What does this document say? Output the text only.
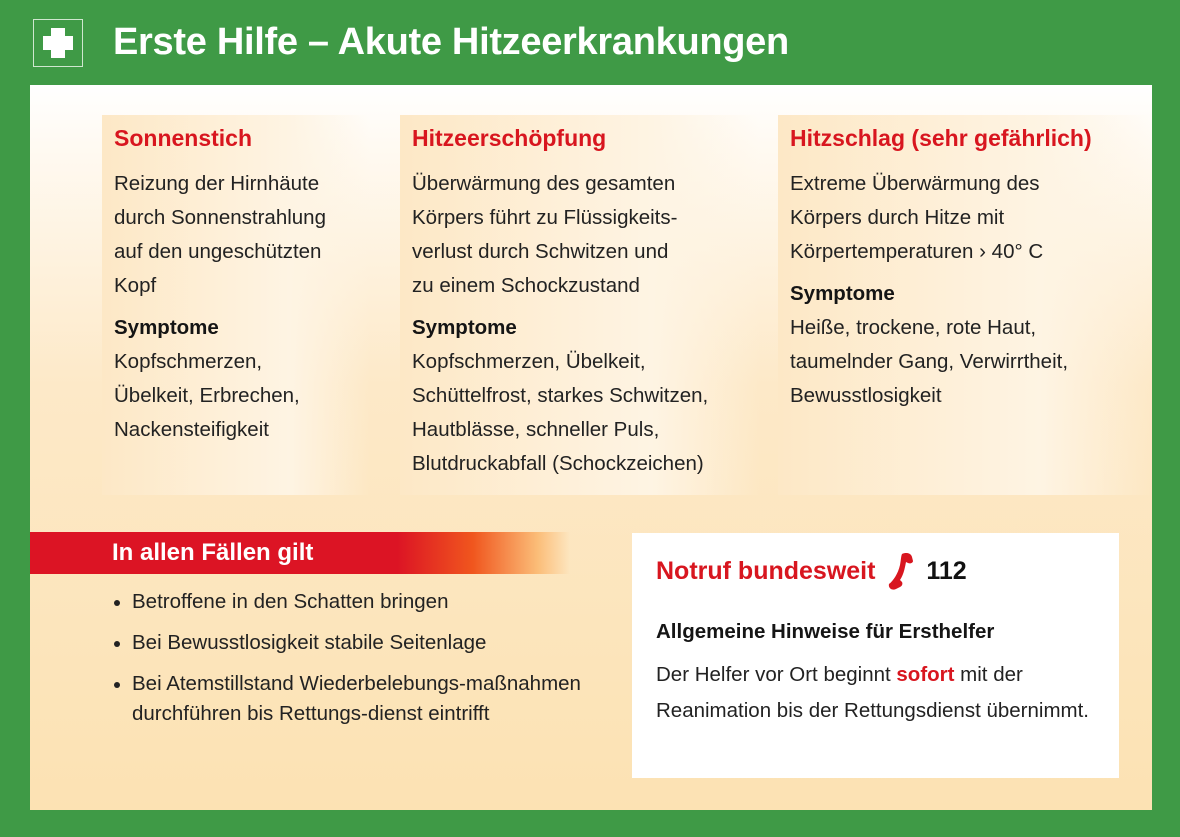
Erste Hilfe – Akute Hitzeerkrankungen
Sonnenstich

Reizung der Hirnhäute
durch Sonnenstrahlung
auf den ungeschützten
Kopf

Symptome

Kopfschmerzen,
Übelkeit, Erbrechen,
Nackensteifigkeit

Hitzeerschöpfung

Überwärmung des gesamten
Körpers führt zu Flüssigkeits-
verlust durch Schwitzen und
zu einem Schockzustand

Symptome

Kopfschmerzen, Übelkeit,
Schüttelfrost, starkes Schwitzen,
Hautblässe, schneller Puls,
Blutdruckabfall (Schockzeichen)

Hitzschlag (sehr gefährlich)

Extreme Überwärmung des
Körpers durch Hitze mit
Körpertemperaturen › 40° C

Symptome

Heiße, trockene, rote Haut,
taumelnder Gang, Verwirrtheit,
Bewusstlosigkeit

In allen Fällen gilt
Betroffene in den Schatten bringen
Bei Bewusstlosigkeit stabile Seitenlage
Bei Atemstillstand Wiederbelebungs-maßnahmen durchführen bis Rettungs-dienst eintrifft
Notruf bundesweit 112
Allgemeine Hinweise für Ersthelfer
Der Helfer vor Ort beginnt sofort mit der Reanimation bis der Rettungsdienst übernimmt.
